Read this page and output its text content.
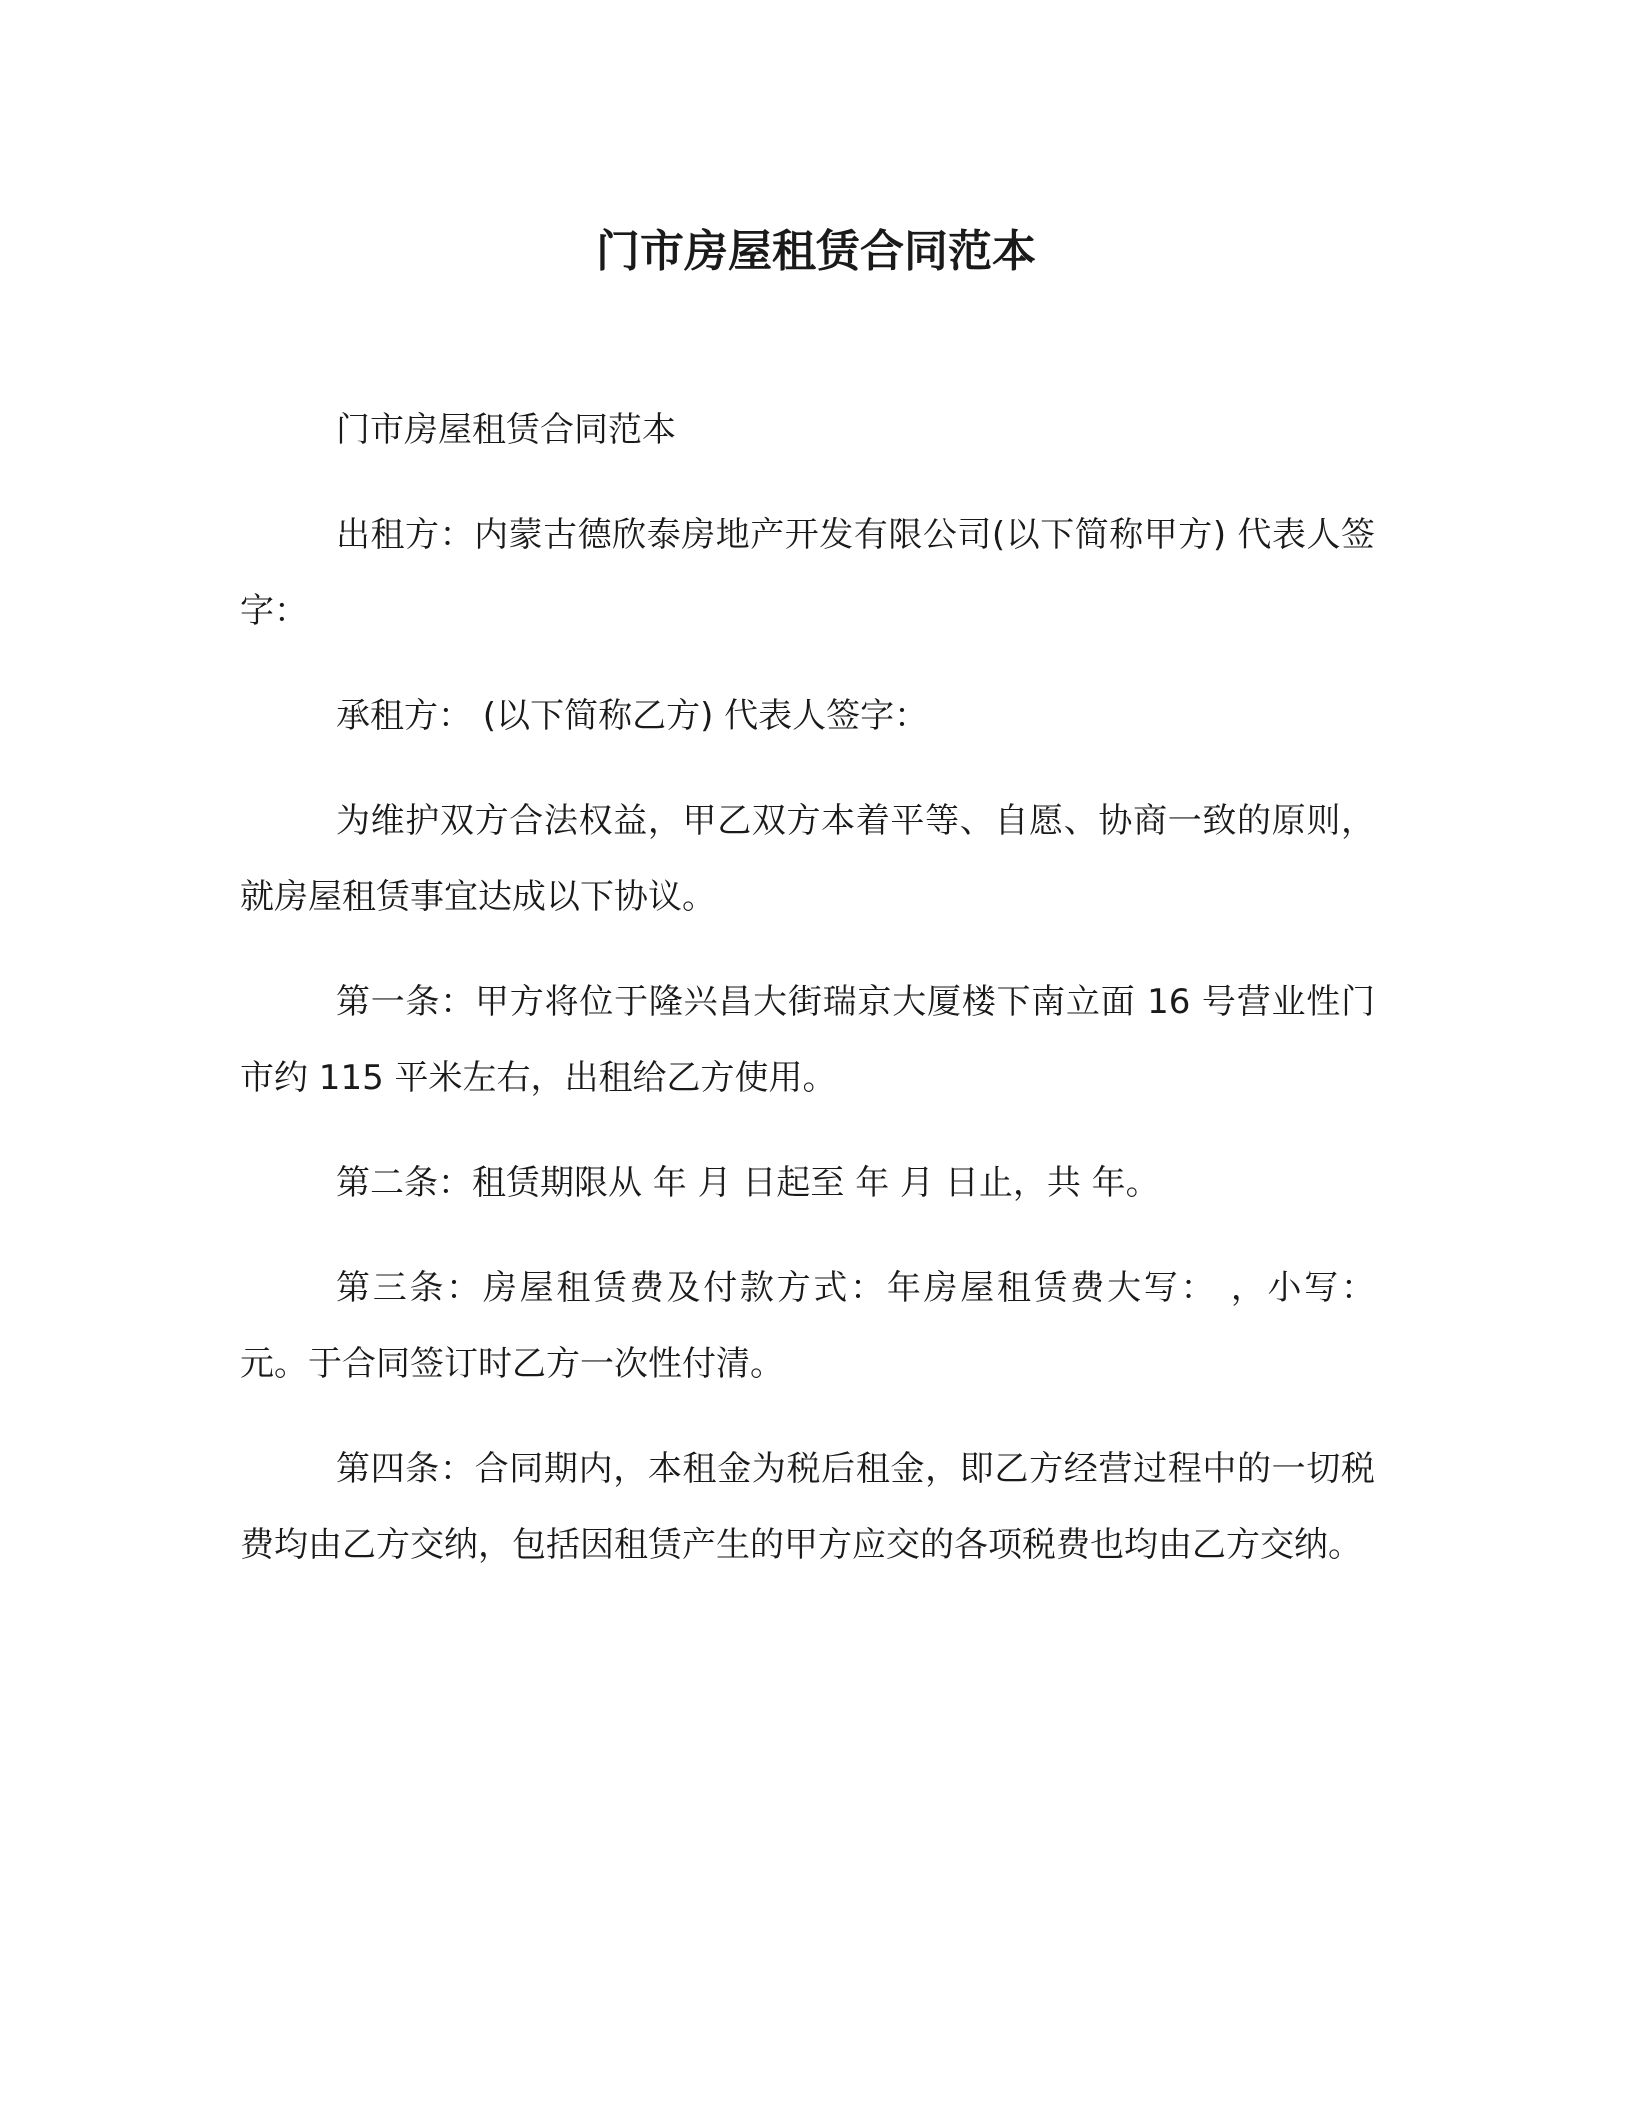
门市房屋租赁合同范本

门市房屋租赁合同范本

出租方：内蒙古德欣泰房地产开发有限公司(以下简称甲方) 代表人签字：

承租方： (以下简称乙方) 代表人签字：

为维护双方合法权益，甲乙双方本着平等、自愿、协商一致的原则，就房屋租赁事宜达成以下协议。

第一条：甲方将位于隆兴昌大街瑞京大厦楼下南立面 16 号营业性门市约 115 平米左右，出租给乙方使用。

第二条：租赁期限从 年 月 日起至 年 月 日止，共 年。

第三条：房屋租赁费及付款方式：年房屋租赁费大写： ，小写： 元。于合同签订时乙方一次性付清。

第四条：合同期内，本租金为税后租金，即乙方经营过程中的一切税费均由乙方交纳，包括因租赁产生的甲方应交的各项税费也均由乙方交纳。
